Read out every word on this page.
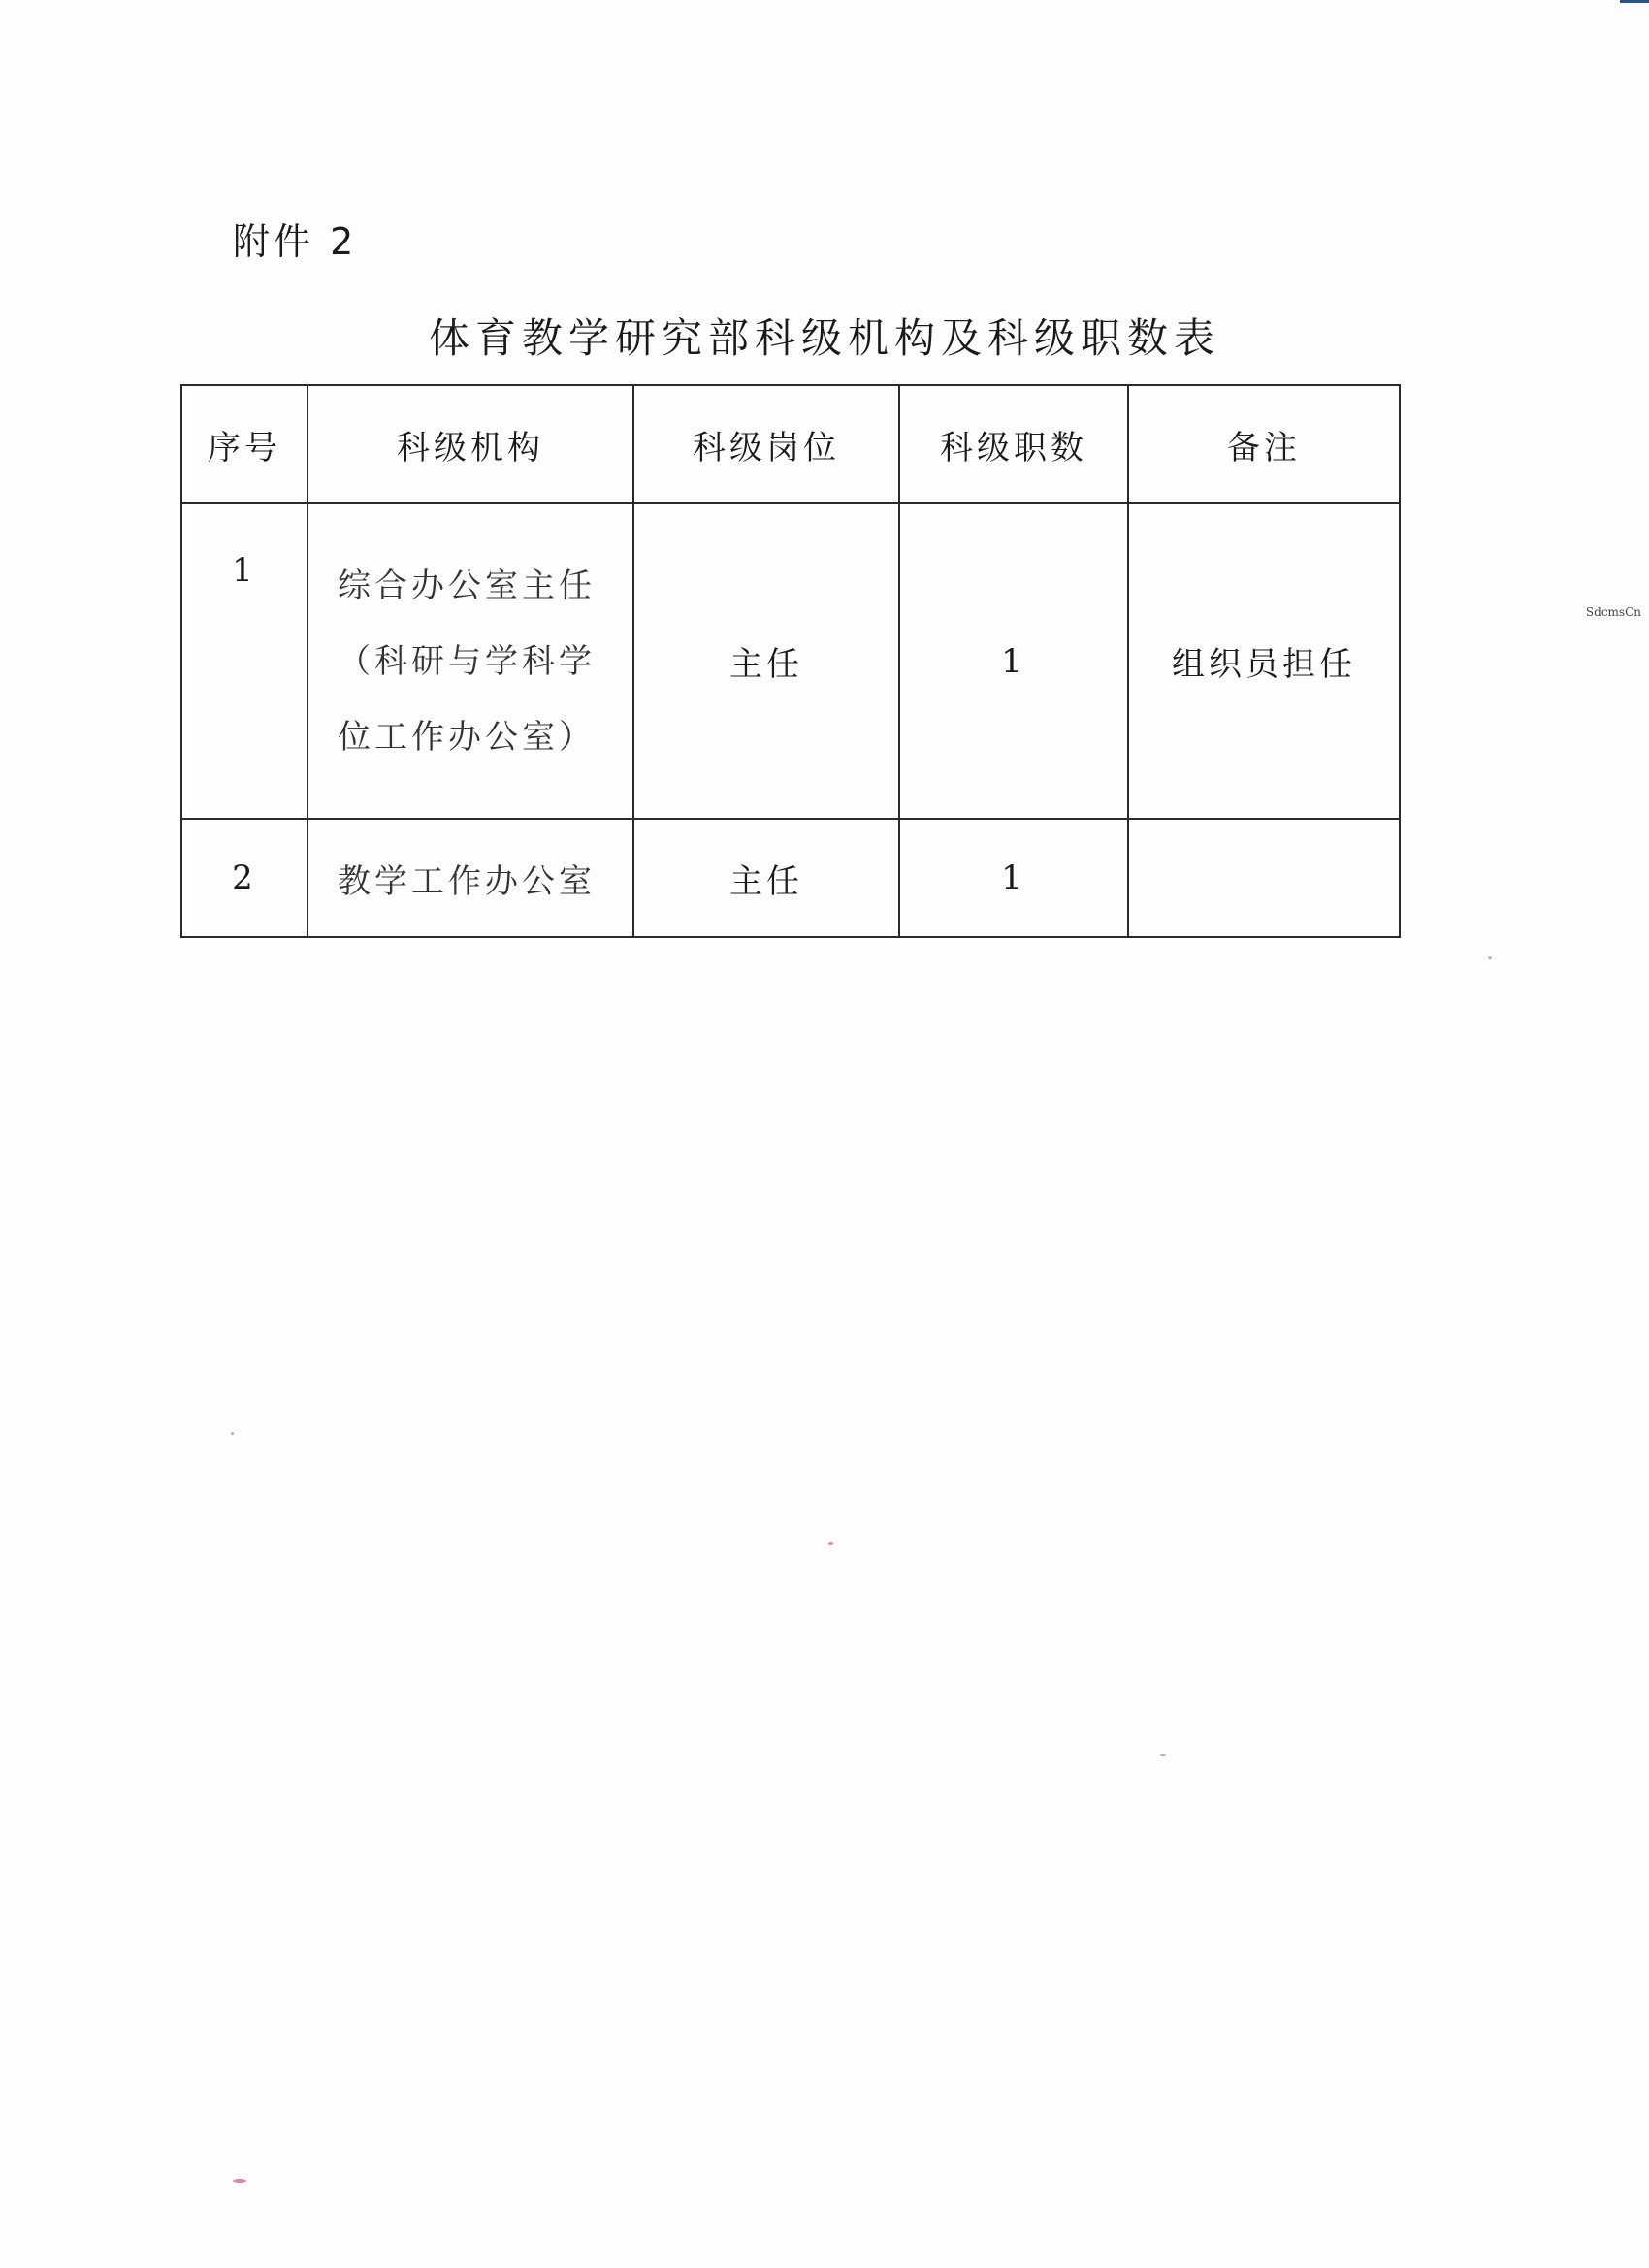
附件 2
体育教学研究部科级机构及科级职数表
序号	科级机构	科级岗位	科级职数	备注
1	综合办公室主任
（科研与学科学
位工作办公室）	主任	1	组织员担任
2	教学工作办公室	主任	1	
SdcmsCn
